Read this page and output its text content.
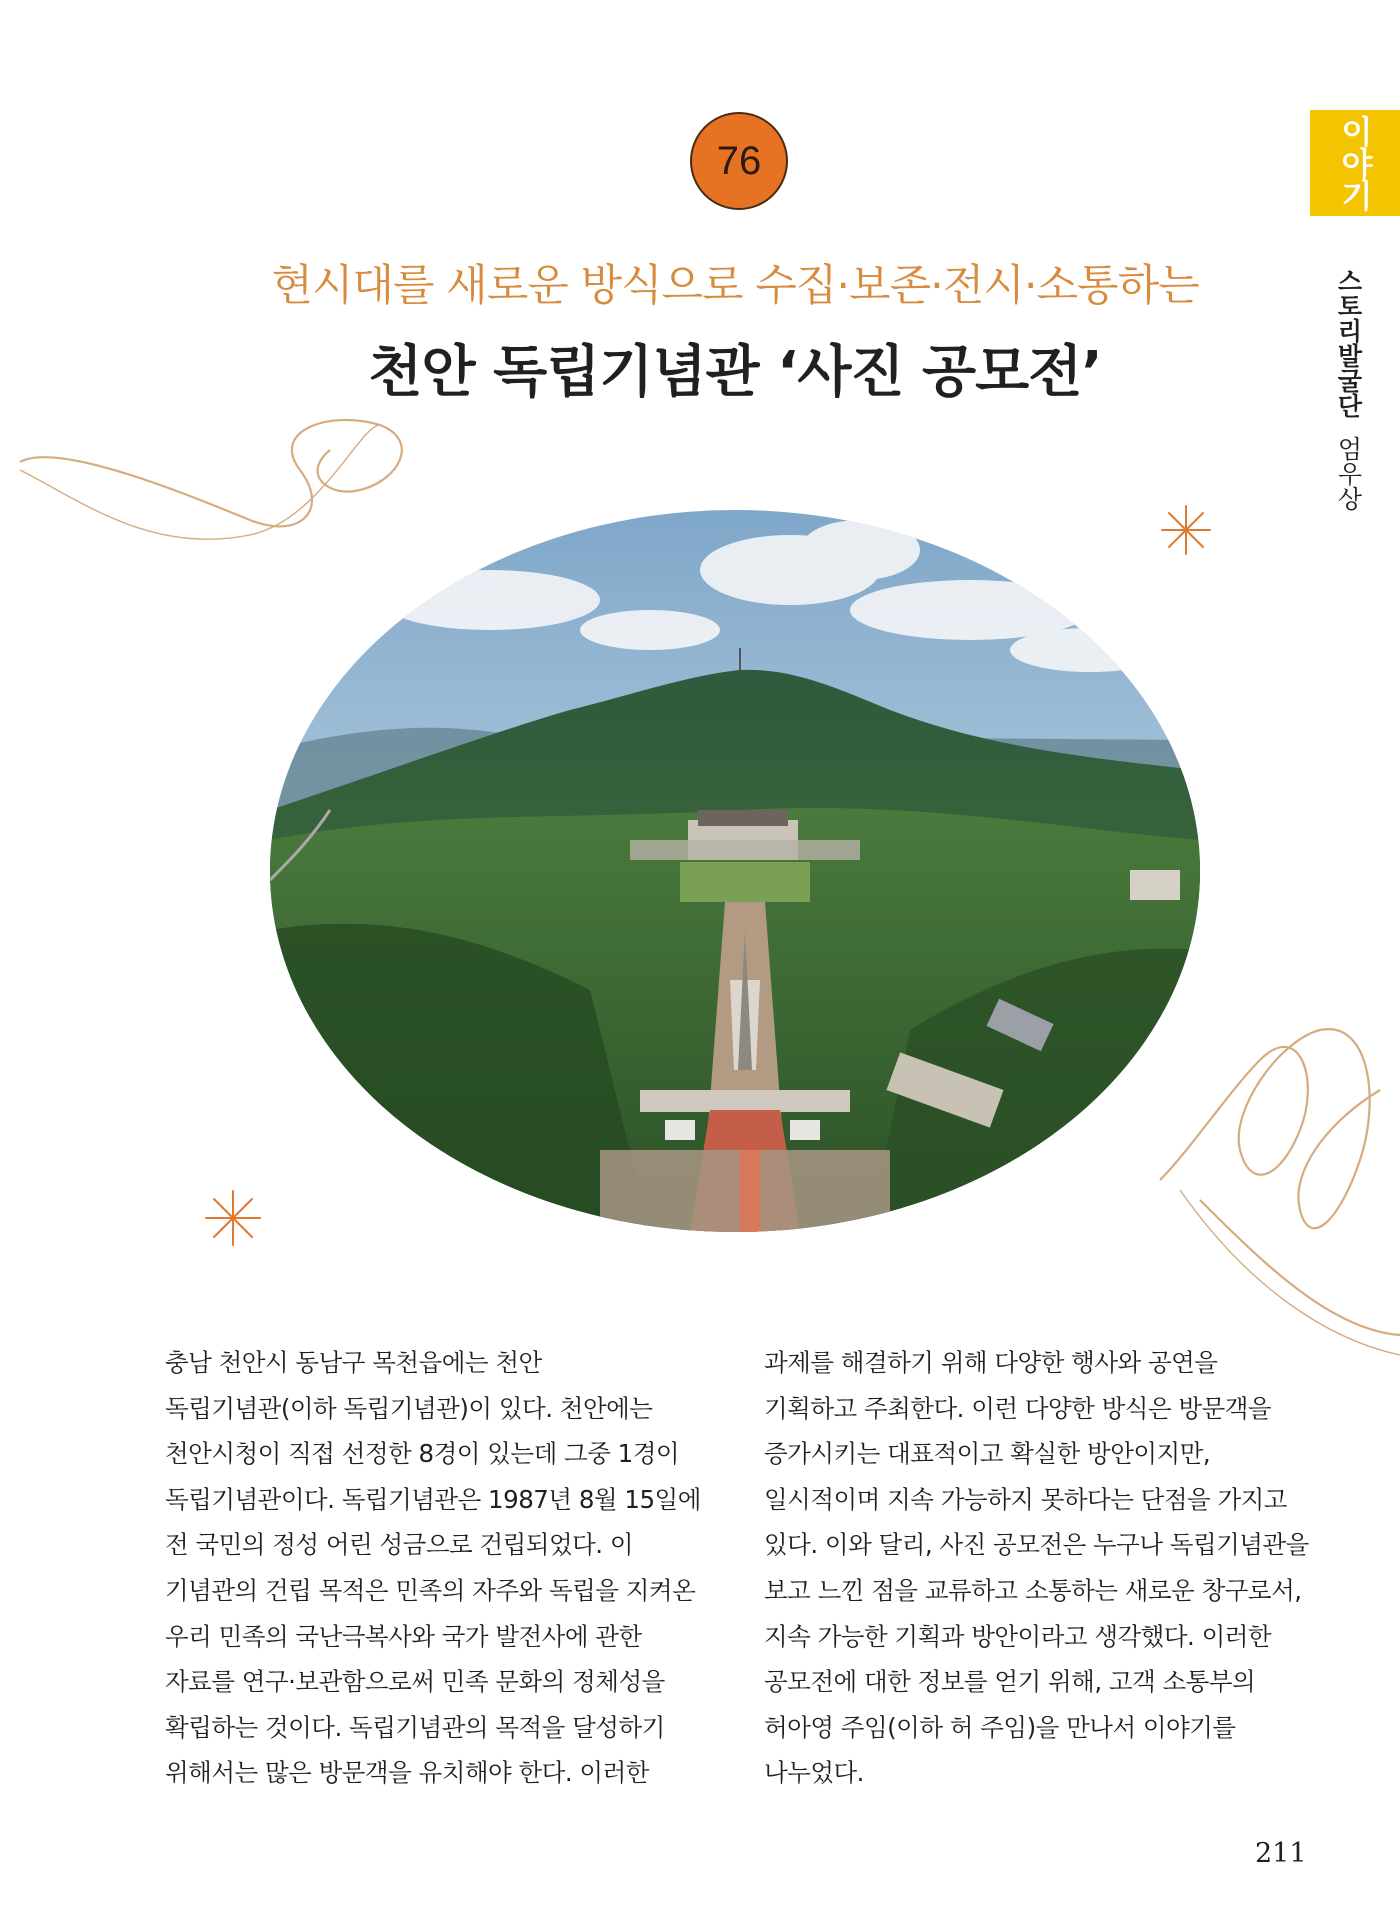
76
현시대를 새로운 방식으로 수집·보존·전시·소통하는
천안 독립기념관 ‘사진 공모전’
이야기
스토리발굴단엄우상

충남 천안시 동남구 목천읍에는 천안

독립기념관(이하 독립기념관)이 있다. 천안에는

천안시청이 직접 선정한 8경이 있는데 그중 1경이

독립기념관이다. 독립기념관은 1987년 8월 15일에

전 국민의 정성 어린 성금으로 건립되었다. 이

기념관의 건립 목적은 민족의 자주와 독립을 지켜온

우리 민족의 국난극복사와 국가 발전사에 관한

자료를 연구·보관함으로써 민족 문화의 정체성을

확립하는 것이다. 독립기념관의 목적을 달성하기

위해서는 많은 방문객을 유치해야 한다. 이러한

과제를 해결하기 위해 다양한 행사와 공연을

기획하고 주최한다. 이런 다양한 방식은 방문객을

증가시키는 대표적이고 확실한 방안이지만,

일시적이며 지속 가능하지 못하다는 단점을 가지고

있다. 이와 달리, 사진 공모전은 누구나 독립기념관을

보고 느낀 점을 교류하고 소통하는 새로운 창구로서,

지속 가능한 기획과 방안이라고 생각했다. 이러한

공모전에 대한 정보를 얻기 위해, 고객 소통부의

허아영 주임(이하 허 주임)을 만나서 이야기를

나누었다.

211
